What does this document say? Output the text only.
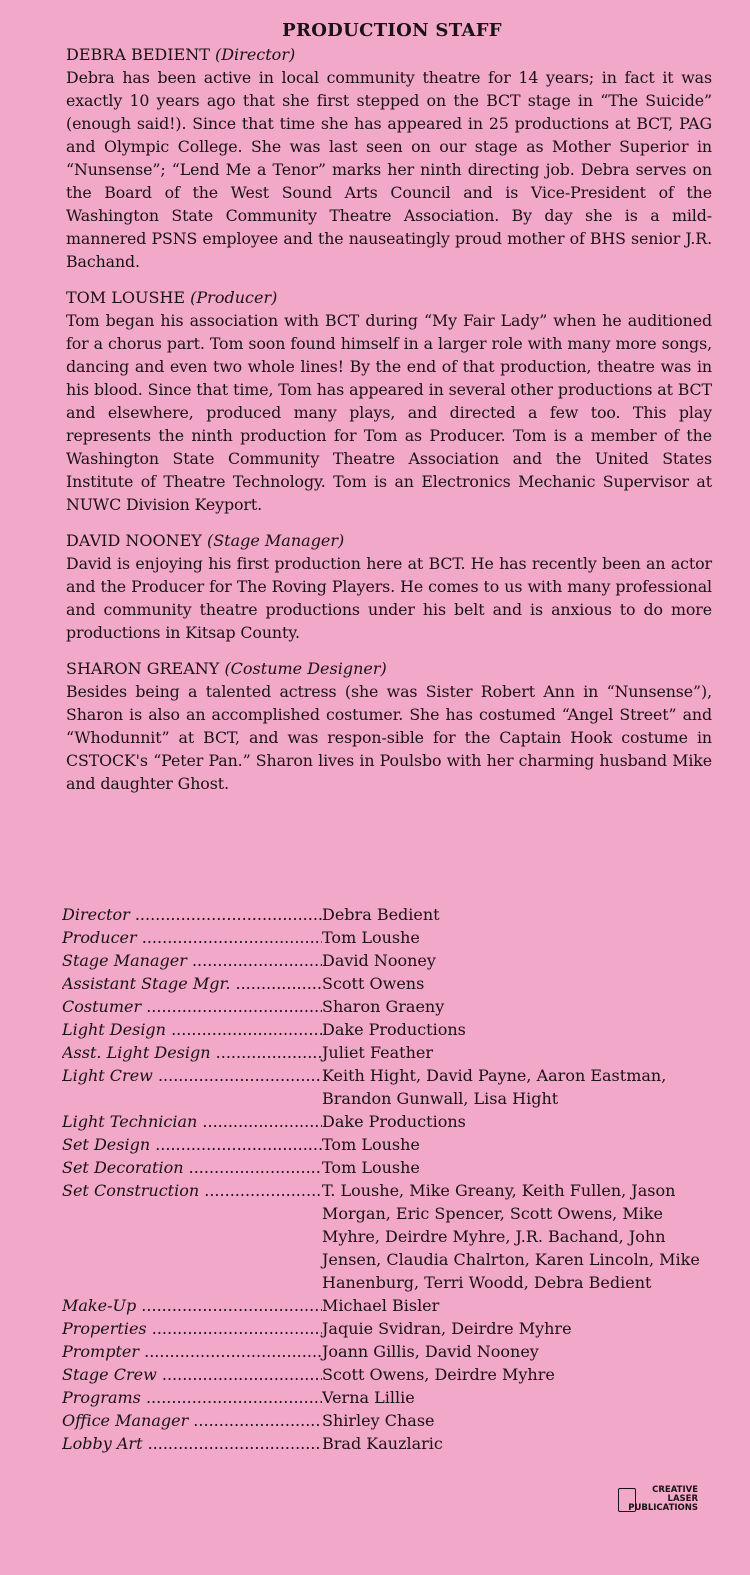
PRODUCTION STAFF
DEBRA BEDIENT (Director)
Debra has been active in local community theatre for 14 years; in fact it was exactly 10 years ago that she first stepped on the BCT stage in “The Suicide” (enough said!). Since that time she has appeared in 25 productions at BCT, PAG and Olympic College. She was last seen on our stage as Mother Superior in “Nunsense”; “Lend Me a Tenor” marks her ninth directing job. Debra serves on the Board of the West Sound Arts Council and is Vice-President of the Washington State Community Theatre Association. By day she is a mild-mannered PSNS employee and the nauseatingly proud mother of BHS senior J.R. Bachand.
TOM LOUSHE (Producer)
Tom began his association with BCT during “My Fair Lady” when he auditioned for a chorus part. Tom soon found himself in a larger role with many more songs, dancing and even two whole lines! By the end of that production, theatre was in his blood. Since that time, Tom has appeared in several other productions at BCT and elsewhere, produced many plays, and directed a few too. This play represents the ninth production for Tom as Producer. Tom is a member of the Washington State Community Theatre Association and the United States Institute of Theatre Technology. Tom is an Electronics Mechanic Supervisor at NUWC Division Keyport.
DAVID NOONEY (Stage Manager)
David is enjoying his first production here at BCT. He has recently been an actor and the Producer for The Roving Players. He comes to us with many professional and community theatre productions under his belt and is anxious to do more productions in Kitsap County.
SHARON GREANY (Costume Designer)
Besides being a talented actress (she was Sister Robert Ann in “Nunsense”), Sharon is also an accomplished costumer. She has costumed “Angel Street” and “Whodunnit” at BCT, and was respon-sible for the Captain Hook costume in CSTOCK's “Peter Pan.” Sharon lives in Poulsbo with her charming husband Mike and daughter Ghost.
Director .....	Debra Bedient
Producer .....	Tom Loushe
Stage Manager .....	David Nooney
Assistant Stage Mgr. .....	Scott Owens
Costumer .....	Sharon Graeny
Light Design .....	Dake Productions
Asst. Light Design .....	Juliet Feather
Light Crew .....	Keith Hight, David Payne, Aaron Eastman, Brandon Gunwall, Lisa Hight
Light Technician .....	Dake Productions
Set Design .....	Tom Loushe
Set Decoration .....	Tom Loushe
Set Construction .....	T. Loushe, Mike Greany, Keith Fullen, Jason Morgan, Eric Spencer, Scott Owens, Mike Myhre, Deirdre Myhre, J.R. Bachand, John Jensen, Claudia Chalrton, Karen Lincoln, Mike Hanenburg, Terri Woodd, Debra Bedient
Make-Up .....	Michael Bisler
Properties .....	Jaquie Svidran, Deirdre Myhre
Prompter .....	Joann Gillis, David Nooney
Stage Crew .....	Scott Owens, Deirdre Myhre
Programs .....	Verna Lillie
Office Manager .....	Shirley Chase
Lobby Art .....	Brad Kauzlaric
CREATIVE
LASER
PUBLICATIONS
